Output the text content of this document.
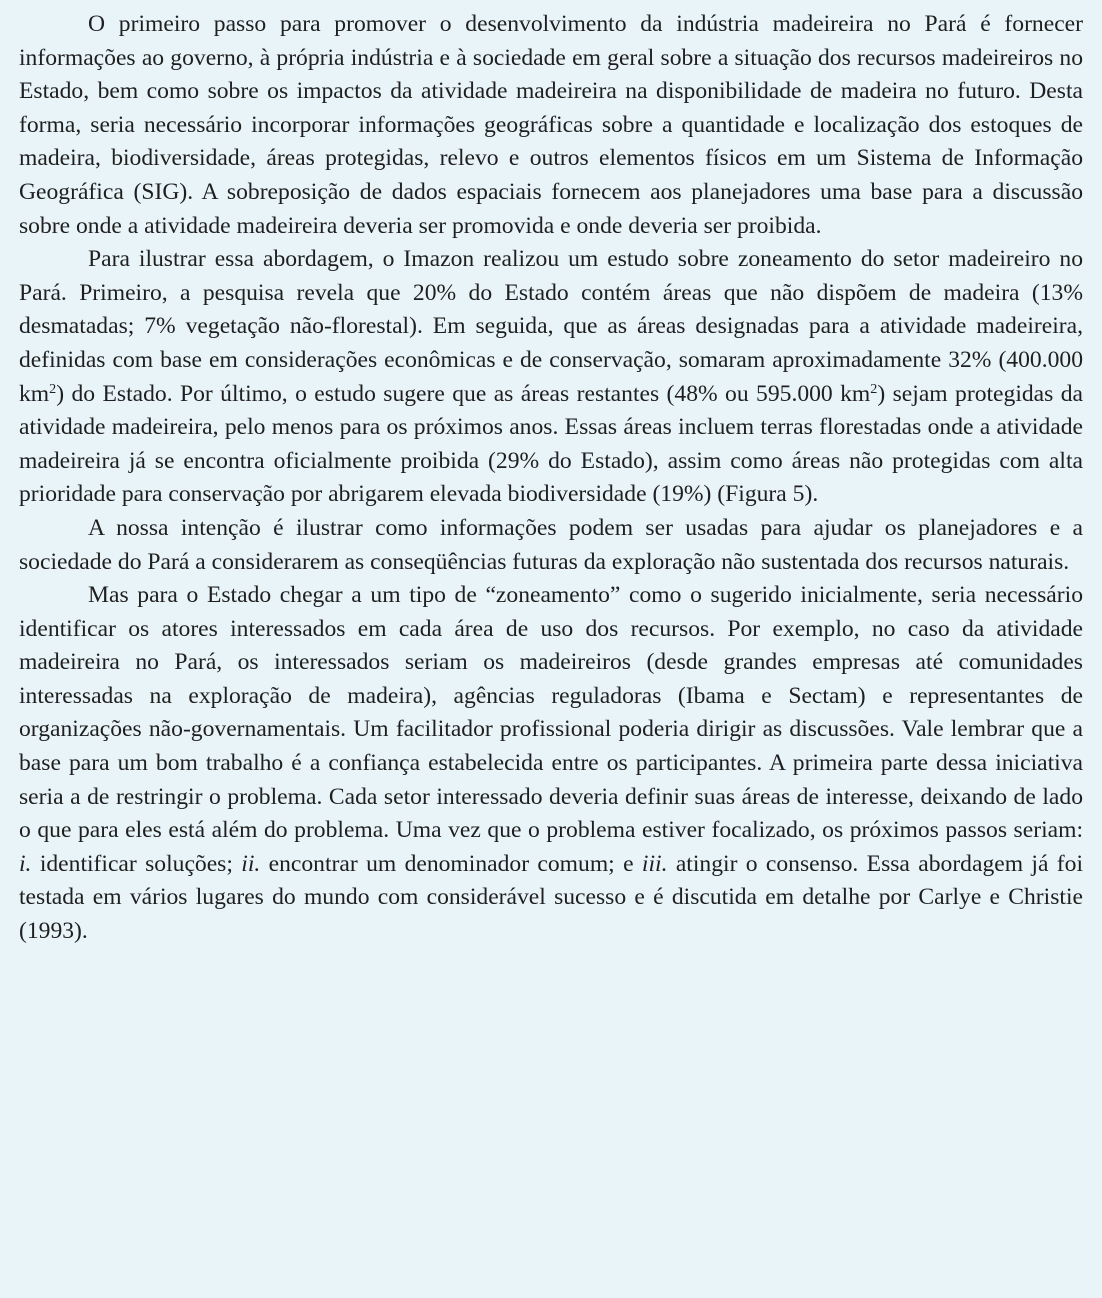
O primeiro passo para promover o desenvolvimento da indústria madeireira no Pará é fornecer informações ao governo, à própria indústria e à sociedade em geral sobre a situação dos recursos madeireiros no Estado, bem como sobre os impactos da atividade madeireira na disponibilidade de madeira no futuro. Desta forma, seria necessário incorporar informações geográficas sobre a quantidade e localização dos estoques de madeira, biodiversidade, áreas protegidas, relevo e outros elementos físicos em um Sistema de Informação Geográfica (SIG). A sobreposição de dados espaciais fornecem aos planejadores uma base para a discussão sobre onde a atividade madeireira deveria ser promovida e onde deveria ser proibida.

Para ilustrar essa abordagem, o Imazon realizou um estudo sobre zoneamento do setor madeireiro no Pará. Primeiro, a pesquisa revela que 20% do Estado contém áreas que não dispõem de madeira (13% desmatadas; 7% vegetação não-florestal). Em seguida, que as áreas designadas para a atividade madeireira, definidas com base em considerações econômicas e de conservação, somaram aproximadamente 32% (400.000 $km^2$) do Estado. Por último, o estudo sugere que as áreas restantes (48% ou 595.000 $km^2$) sejam protegidas da atividade madeireira, pelo menos para os próximos anos. Essas áreas incluem terras florestadas onde a atividade madeireira já se encontra oficialmente proibida (29% do Estado), assim como áreas não protegidas com alta prioridade para conservação por abrigarem elevada biodiversidade (19%) (Figura 5).

A nossa intenção é ilustrar como informações podem ser usadas para ajudar os planejadores e a sociedade do Pará a considerarem as conseqüências futuras da exploração não sustentada dos recursos naturais.

Mas para o Estado chegar a um tipo de “zoneamento” como o sugerido inicialmente, seria necessário identificar os atores interessados em cada área de uso dos recursos. Por exemplo, no caso da atividade madeireira no Pará, os interessados seriam os madeireiros (desde grandes empresas até comunidades interessadas na exploração de madeira), agências reguladoras (Ibama e Sectam) e representantes de organizações não-governamentais. Um facilitador profissional poderia dirigir as discussões. Vale lembrar que a base para um bom trabalho é a confiança estabelecida entre os participantes. A primeira parte dessa iniciativa seria a de restringir o problema. Cada setor interessado deveria definir suas áreas de interesse, deixando de lado o que para eles está além do problema. Uma vez que o problema estiver focalizado, os próximos passos seriam: i. identificar soluções; ii. encontrar um denominador comum; e iii. atingir o consenso. Essa abordagem já foi testada em vários lugares do mundo com considerável sucesso e é discutida em detalhe por Carlye e Christie (1993).
